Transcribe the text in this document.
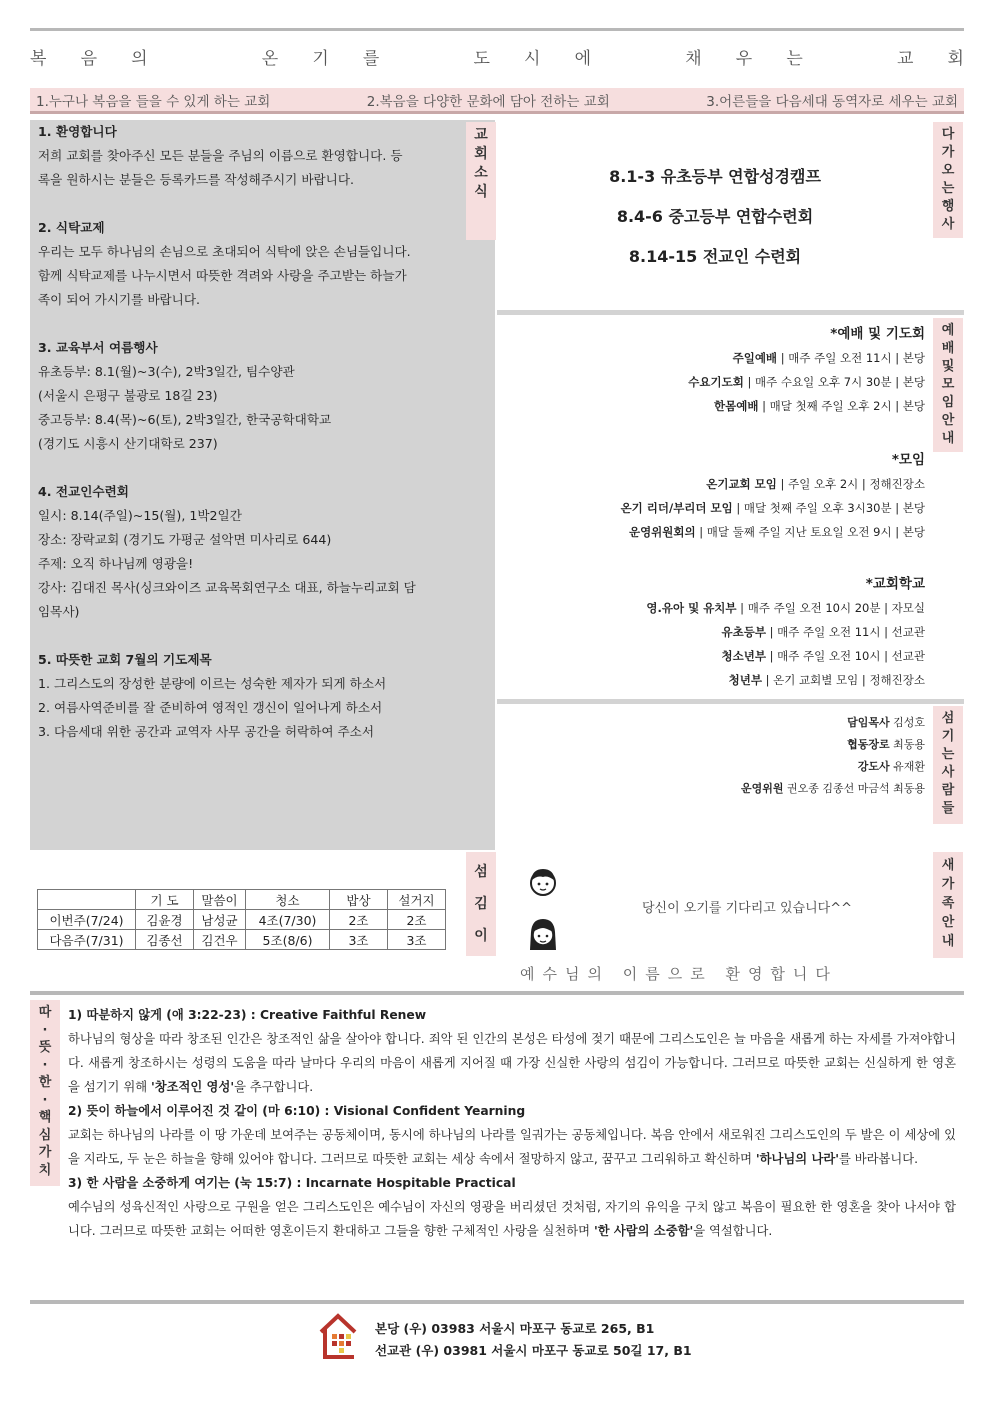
복 음 의	온 기 를	도 시 에	채 우 는	교 회
1.누구나 복음을 들을 수 있게 하는 교회	2.복음을 다양한 문화에 담아 전하는 교회	3.어른들을 다음세대 동역자로 세우는 교회
1. 환영합니다
저희 교회를 찾아주신 모든 분들을 주님의 이름으로 환영합니다. 등
록을 원하시는 분들은 등록카드를 작성해주시기 바랍니다.
2. 식탁교제
우리는 모두 하나님의 손님으로 초대되어 식탁에 앉은 손님들입니다.
함께 식탁교제를 나누시면서 따뜻한 격려와 사랑을 주고받는 하늘가
족이 되어 가시기를 바랍니다.
3. 교육부서 여름행사
유초등부: 8.1(월)~3(수), 2박3일간, 팀수양관
(서울시 은평구 불광로 18길 23)
중고등부: 8.4(목)~6(토), 2박3일간, 한국공학대학교
(경기도 시흥시 산기대학로 237)
4. 전교인수련회
일시: 8.14(주일)~15(월), 1박2일간
장소: 장락교회 (경기도 가평군 설악면 미사리로 644)
주제: 오직 하나님께 영광을!
강사: 김대진 목사(싱크와이즈 교육목회연구소 대표, 하늘누리교회 담
임목사)
5. 따뜻한 교회 7월의 기도제목
1. 그리스도의 장성한 분량에 이르는 성숙한 제자가 되게 하소서
2. 여름사역준비를 잘 준비하여 영적인 갱신이 일어나게 하소서
3. 다음세대 위한 공간과 교역자 사무 공간을 허락하여 주소서
교
회
소
식
다
가
오
는
행
사
예
배
및
모
임
안
내
섬
기
는
사
람
들
섬
김
이
새
가
족
안
내
따
·
뜻
·
한
·
핵
심
가
치
8.1-3 유초등부 연합성경캠프
8.4-6 중고등부 연합수련회
8.14-15 전교인 수련회
*예배 및 기도회
주일예배 | 매주 주일 오전 11시 | 본당
수요기도회 | 매주 수요일 오후 7시 30분 | 본당
한몸예배 | 매달 첫째 주일 오후 2시 | 본당
*모임
온기교회 모임 | 주일 오후 2시 | 정해진장소
온기 리더/부리더 모임 | 매달 첫째 주일 오후 3시30분 | 본당
운영위원회의 | 매달 둘째 주일 지난 토요일 오전 9시 | 본당
*교회학교
영.유아 및 유치부 | 매주 주일 오전 10시 20분 | 자모실
유초등부 | 매주 주일 오전 11시 | 선교관
청소년부 | 매주 주일 오전 10시 | 선교관
청년부 | 온기 교회별 모임 | 정해진장소
담임목사 김성호
협동장로 최동용
강도사 유재환
운영위원 권오종 김종선 마금석 최동용
	기 도	말씀이	청소	밥상	설거지
이번주(7/24)	김윤경	남성균	4조(7/30)	2조	2조
다음주(7/31)	김종선	김건우	5조(8/6)	3조	3조
당신이 오기를 기다리고 있습니다^^
예수님의 이름으로 환영합니다
1) 따분하지 않게 (애 3:22-23) : Creative Faithful Renew
하나님의 형상을 따라 창조된 인간은 창조적인 삶을 살아야 합니다. 죄악 된 인간의 본성은 타성에 젖기 때문에 그리스도인은 늘 마음을 새롭게 하는 자세를 가져야합니다. 새롭게 창조하시는 성령의 도움을 따라 날마다 우리의 마음이 새롭게 지어질 때 가장 신실한 사랑의 섬김이 가능합니다. 그러므로 따뜻한 교회는 신실하게 한 영혼을 섬기기 위해 '창조적인 영성'을 추구합니다.
2) 뜻이 하늘에서 이루어진 것 같이 (마 6:10) : Visional Confident Yearning
교회는 하나님의 나라를 이 땅 가운데 보여주는 공동체이며, 동시에 하나님의 나라를 일궈가는 공동체입니다. 복음 안에서 새로워진 그리스도인의 두 발은 이 세상에 있을 지라도, 두 눈은 하늘을 향해 있어야 합니다. 그러므로 따뜻한 교회는 세상 속에서 절망하지 않고, 꿈꾸고 그리워하고 확신하며 '하나님의 나라'를 바라봅니다.
3) 한 사람을 소중하게 여기는 (눅 15:7) : Incarnate Hospitable Practical
예수님의 성육신적인 사랑으로 구원을 얻은 그리스도인은 예수님이 자신의 영광을 버리셨던 것처럼, 자기의 유익을 구치 않고 복음이 필요한 한 영혼을 찾아 나서야 합니다. 그러므로 따뜻한 교회는 어떠한 영혼이든지 환대하고 그들을 향한 구체적인 사랑을 실천하며 '한 사람의 소중함'을 역설합니다.
본당 (우) 03983 서울시 마포구 동교로 265, B1
선교관 (우) 03981 서울시 마포구 동교로 50길 17, B1
